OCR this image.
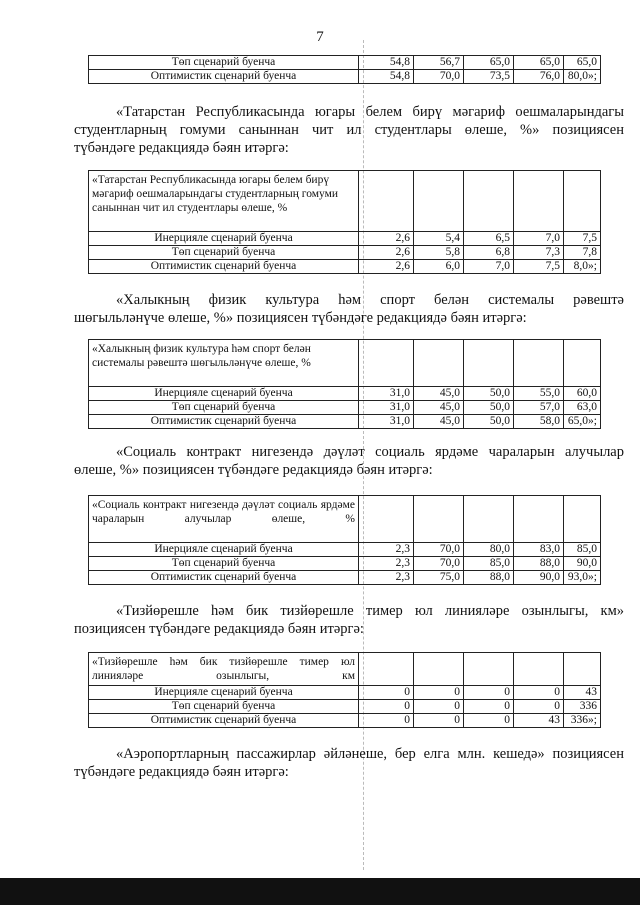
7
Төп сценарий буенча	54,8	56,7	65,0	65,0	65,0
Оптимистик сценарий буенча	54,8	70,0	73,5	76,0	80,0»;
«Татарстан Республикасында югары белем бирү мәгариф оешмаларындагы
студентларның гомуми саныннан чит ил студентлары өлеше, %» позициясен
түбәндәге редакциядә бәян итәргә:
«Татарстан Республикасында югары белем бирү мәгариф оешмаларындагы студентларның гомуми саныннан чит ил студентлары өлеше, %					
Инерцияле сценарий буенча	2,6	5,4	6,5	7,0	7,5
Төп сценарий буенча	2,6	5,8	6,8	7,3	7,8
Оптимистик сценарий буенча	2,6	6,0	7,0	7,5	8,0»;
«Халыкның физик культура һәм спорт белән системалы рәвештә
шөгыльләнүче өлеше, %» позициясен түбәндәге редакциядә бәян итәргә:
«Халыкның физик культура һәм спорт белән системалы рәвештә шөгыльләнүче өлеше, %					
Инерцияле сценарий буенча	31,0	45,0	50,0	55,0	60,0
Төп сценарий буенча	31,0	45,0	50,0	57,0	63,0
Оптимистик сценарий буенча	31,0	45,0	50,0	58,0	65,0»;
«Социаль контракт нигезендә дәүләт социаль ярдәме чараларын алучылар
өлеше, %» позициясен түбәндәге редакциядә бәян итәргә:
«Социаль контракт нигезендә дәүләт социаль ярдәме чараларын алучылар өлеше, %					
Инерцияле сценарий буенча	2,3	70,0	80,0	83,0	85,0
Төп сценарий буенча	2,3	70,0	85,0	88,0	90,0
Оптимистик сценарий буенча	2,3	75,0	88,0	90,0	93,0»;
«Тизйөрешле һәм бик тизйөрешле тимер юл линияләре озынлыгы, км»
позициясен түбәндәге редакциядә бәян итәргә:
«Тизйөрешле һәм бик тизйөрешле тимер юл линияләре озынлыгы, км					
Инерцияле сценарий буенча	0	0	0	0	43
Төп сценарий буенча	0	0	0	0	336
Оптимистик сценарий буенча	0	0	0	43	336»;
«Аэропортларның пассажирлар әйләнеше, бер елга млн. кешедә» позициясен
түбәндәге редакциядә бәян итәргә:
